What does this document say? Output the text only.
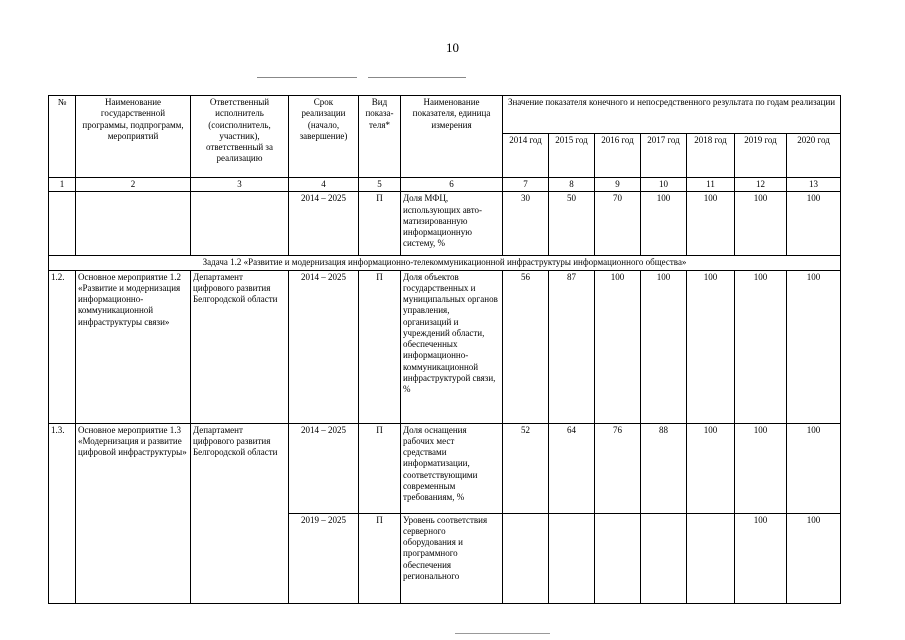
10
№	Наименование государственной программы, подпрограмм, мероприятий	Ответственный исполнитель (соисполнитель, участник), ответственный за реализацию	Срок реализации (начало, завершение)	Вид показа-теля*	Наименование показателя, единица измерения	Значение показателя конечного и непосредственного результата по годам реализации						
						2014 год	2015 год	2016 год	2017 год	2018 год	2019 год	2020 год
1	2	3	4	5	6	7	8	9	10	11	12	13
			2014 – 2025	П	Доля МФЦ, использующих авто-матизированную информационную систему, %	30	50	70	100	100	100	100
Задача 1.2 «Развитие и модернизация информационно-телекоммуникационной инфраструктуры информационного общества»												
1.2.	Основное мероприятие 1.2 «Развитие и модернизация информационно-коммуникационной инфраструктуры связи»	Департамент цифрового развития Белгородской области	2014 – 2025	П	Доля объектов государственных и муниципальных органов управления, организаций и учреждений области, обеспеченных информационно-коммуникационной инфраструктурой связи, %	56	87	100	100	100	100	100
1.3.	Основное мероприятие 1.3 «Модернизация и развитие цифровой инфраструктуры»	Департамент цифрового развития Белгородской области	2014 – 2025	П	Доля оснащения рабочих мест средствами информатизации, соответствующими современным требованиям, %	52	64	76	88	100	100	100
			2019 – 2025	П	Уровень соответствия серверного оборудования и программного обеспечения регионального						100	100
